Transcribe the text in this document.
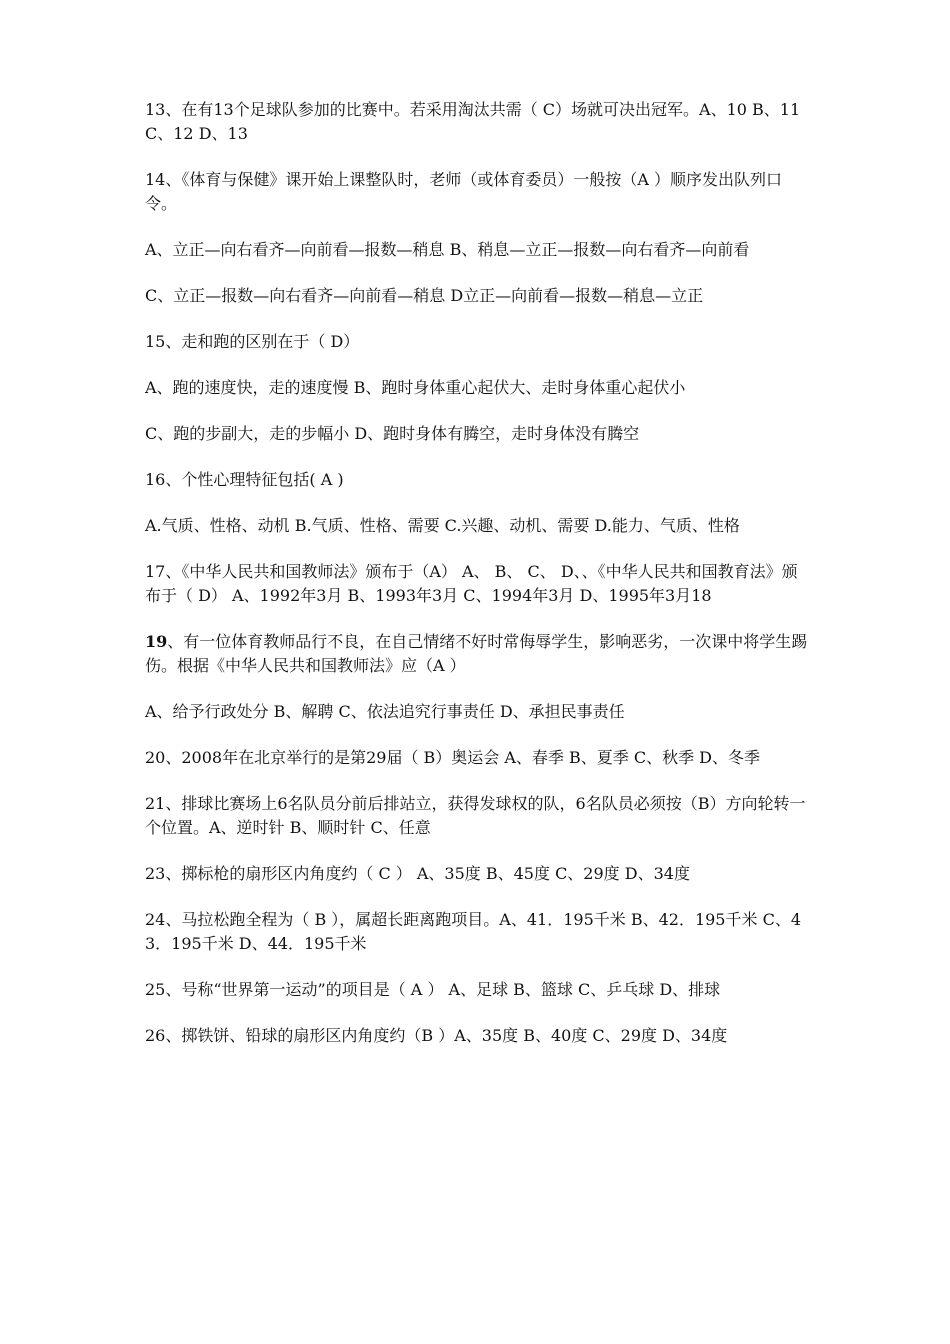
13、在有13个足球队参加的比赛中。若采用淘汰共需（ C）场就可决出冠军。A、10 B、11 C、12 D、13

14、《体育与保健》课开始上课整队时，老师（或体育委员）一般按（A ）顺序发出队列口令。

A、立正—向右看齐—向前看—报数—稍息 B、稍息—立正—报数—向右看齐—向前看

C、立正—报数—向右看齐—向前看—稍息 D立正—向前看—报数—稍息—立正

15、走和跑的区别在于（ D）

A、跑的速度快，走的速度慢 B、跑时身体重心起伏大、走时身体重心起伏小

C、跑的步副大，走的步幅小 D、跑时身体有腾空，走时身体没有腾空

16、个性心理特征包括( A )

A.气质、性格、动机 B.气质、性格、需要 C.兴趣、动机、需要 D.能力、气质、性格

17、《中华人民共和国教师法》颁布于（A） A、 B、 C、 D、、《中华人民共和国教育法》颁布于（ D） A、1992年3月 B、1993年3月 C、1994年3月 D、1995年3月18

19、有一位体育教师品行不良，在自己情绪不好时常侮辱学生，影响恶劣，一次课中将学生踢伤。根据《中华人民共和国教师法》应（A ）

A、给予行政处分 B、解聘 C、依法追究行事责任 D、承担民事责任

20、2008年在北京举行的是第29届（ B）奥运会 A、春季 B、夏季 C、秋季 D、冬季

21、排球比赛场上6名队员分前后排站立，获得发球权的队，6名队员必须按（B）方向轮转一个位置。A、逆时针 B、顺时针 C、任意

23、掷标枪的扇形区内角度约（ C ） A、35度 B、45度 C、29度 D、34度

24、马拉松跑全程为（ B ），属超长距离跑项目。A、41．195千米 B、42．195千米 C、43．195千米 D、44．195千米

25、号称“世界第一运动”的项目是（ A ） A、足球 B、篮球 C、乒乓球 D、排球

26、掷铁饼、铅球的扇形区内角度约（B ）A、35度 B、40度 C、29度 D、34度
